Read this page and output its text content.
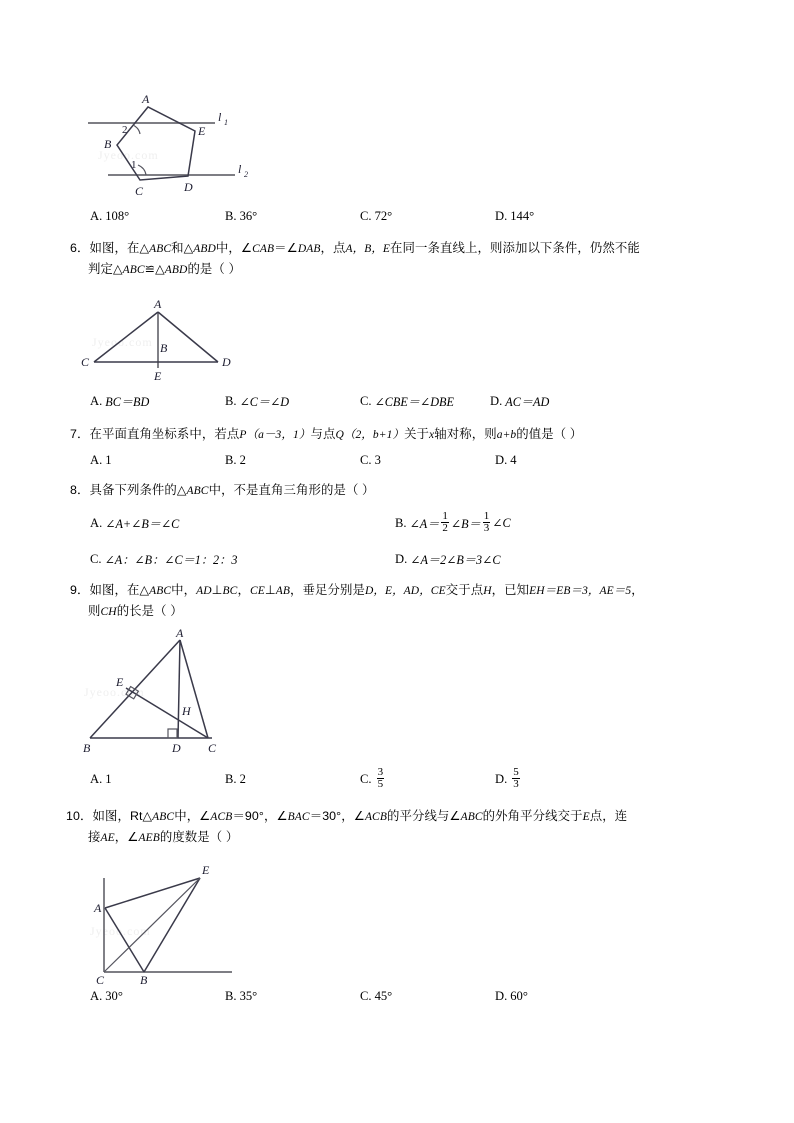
Jyeoo.com
A
B
C	D
E
2
1
l 1
l 2
A. 108°	B. 36°	C. 72°	D. 144°
6．如图，在△ABC和△ABD中，∠CAB＝∠DAB，点A，B，E在同一条直线上，则添加以下条件，仍然不能
判定△ABC≌△ABD的是（ ）
Jyeoo.com
A
B
C	D
E
A. BC＝BD	B. ∠C＝∠D	C. ∠CBE＝∠DBE	D. AC＝AD
7．在平面直角坐标系中，若点P（a－3，1）与点Q（2，b+1）关于x轴对称，则a+b的值是（ ）
A. 1	B. 2	C. 3	D. 4
8．具备下列条件的△ABC中，不是直角三角形的是（ ）
A. ∠A+∠B＝∠C	B. ∠A＝ $\frac{1}{2}$ ∠B＝ $\frac{1}{3}$ ∠C
C. ∠A：∠B：∠C＝1：2：3	D. ∠A＝2∠B＝3∠C
9．如图，在△ABC中，AD⊥BC，CE⊥AB，垂足分别是D，E，AD，CE交于点H，已知EH＝EB＝3，AE＝5，
则CH的长是（ ）
Jyeoo.com
A
B	C
D
E
H
A. 1	B. 2	C. $\frac{3}{5}$	D. $\frac{5}{3}$
10．如图，Rt△ABC中，∠ACB＝90°，∠BAC＝30°，∠ACB的平分线与∠ABC的外角平分线交于E点，连
接AE，∠AEB的度数是（ ）
Jyeoo.com
A
B
C
E
A. 30°	B. 35°	C. 45°	D. 60°
